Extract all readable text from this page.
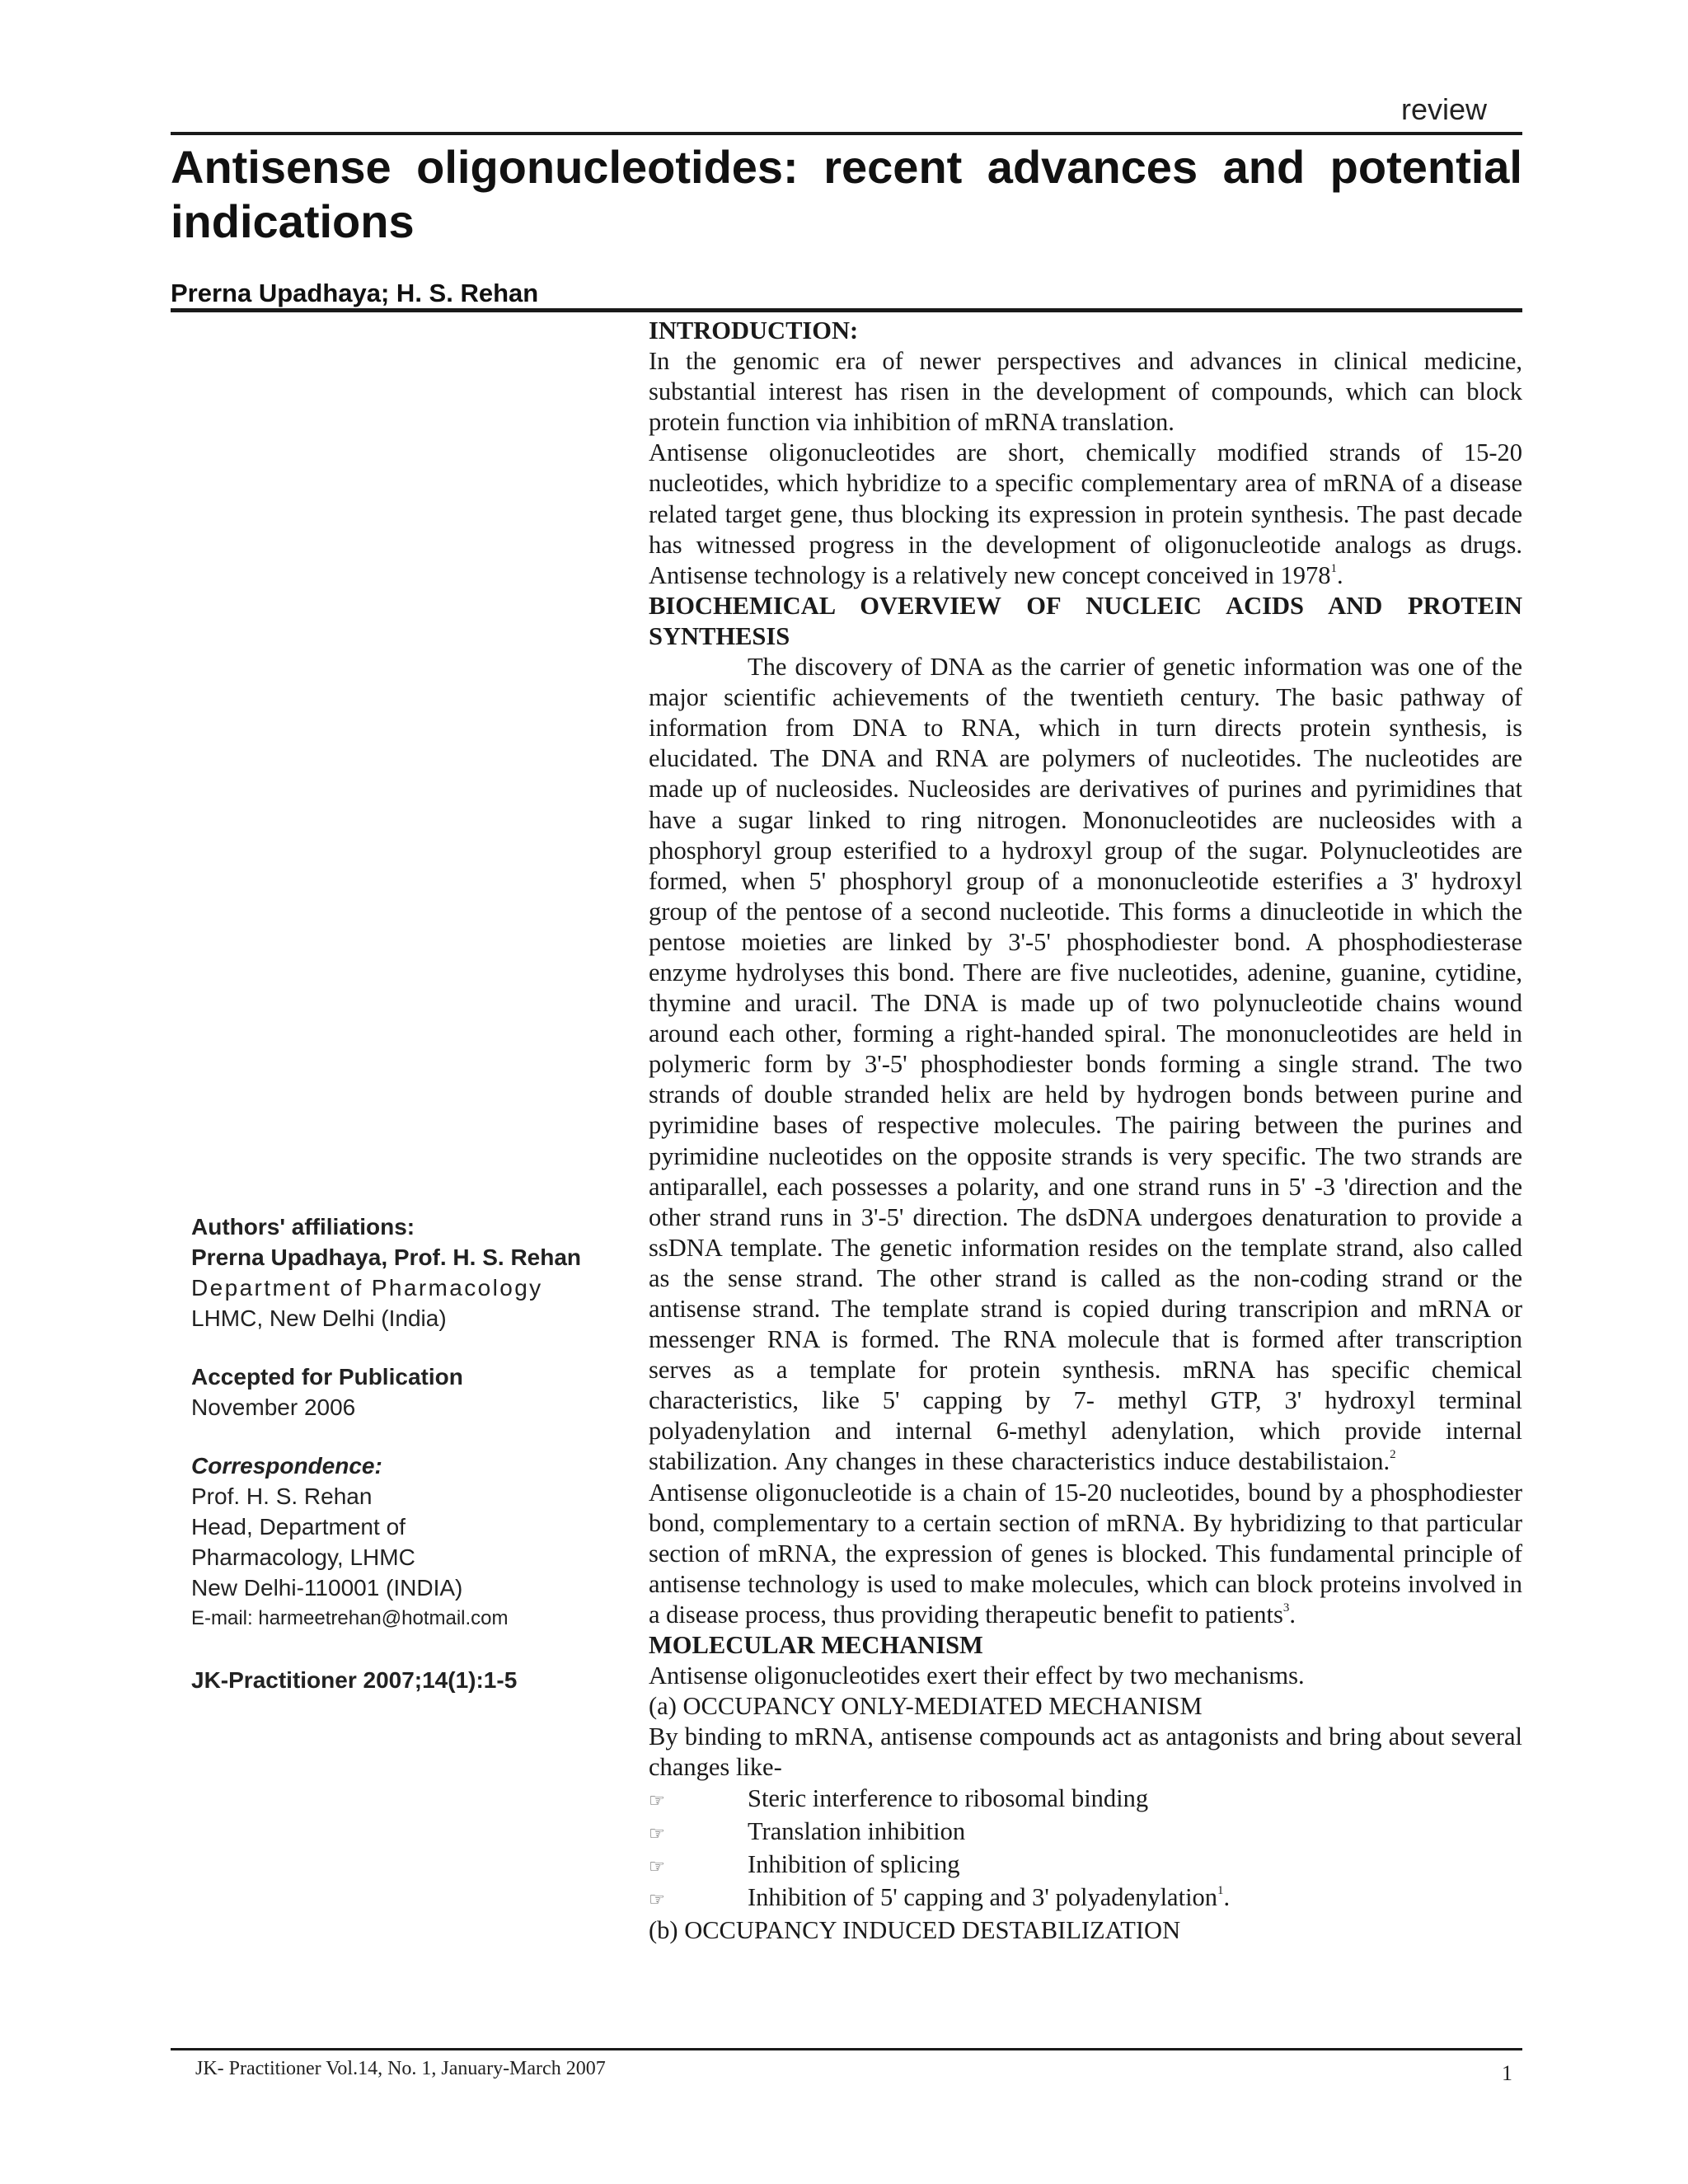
review
Antisense oligonucleotides: recent advances and potential indications
Prerna Upadhaya; H. S. Rehan
Authors' affiliations:
Prerna Upadhaya, Prof. H. S. Rehan
Department of Pharmacology
LHMC, New Delhi (India)
Accepted for Publication
November 2006
Correspondence:
Prof. H. S. Rehan
Head, Department of
Pharmacology, LHMC
New Delhi-110001 (INDIA)
E-mail: harmeetrehan@hotmail.com
JK-Practitioner 2007;14(1):1-5
INTRODUCTION:

In the genomic era of newer perspectives and advances in clinical medicine, substantial interest has risen in the development of compounds, which can block protein function via inhibition of mRNA translation.

Antisense oligonucleotides are short, chemically modified strands of 15-20 nucleotides, which hybridize to a specific complementary area of mRNA of a disease related target gene, thus blocking its expression in protein synthesis. The past decade has witnessed progress in the development of oligonucleotide analogs as drugs. Antisense technology is a relatively new concept conceived in 1978$^1$.

BIOCHEMICAL OVERVIEW OF NUCLEIC ACIDS AND PROTEIN SYNTHESIS

The discovery of DNA as the carrier of genetic information was one of the major scientific achievements of the twentieth century. The basic pathway of information from DNA to RNA, which in turn directs protein synthesis, is elucidated. The DNA and RNA are polymers of nucleotides. The nucleotides are made up of nucleosides. Nucleosides are derivatives of purines and pyrimidines that have a sugar linked to ring nitrogen. Mononucleotides are nucleosides with a phosphoryl group esterified to a hydroxyl group of the sugar. Polynucleotides are formed, when 5' phosphoryl group of a mononucleotide esterifies a 3' hydroxyl group of the pentose of a second nucleotide. This forms a dinucleotide in which the pentose moieties are linked by 3'-5' phosphodiester bond. A phosphodiesterase enzyme hydrolyses this bond. There are five nucleotides, adenine, guanine, cytidine, thymine and uracil. The DNA is made up of two polynucleotide chains wound around each other, forming a right-handed spiral. The mononucleotides are held in polymeric form by 3'-5' phosphodiester bonds forming a single strand. The two strands of double stranded helix are held by hydrogen bonds between purine and pyrimidine bases of respective molecules. The pairing between the purines and pyrimidine nucleotides on the opposite strands is very specific. The two strands are antiparallel, each possesses a polarity, and one strand runs in 5' -3 'direction and the other strand runs in 3'-5' direction. The dsDNA undergoes denaturation to provide a ssDNA template. The genetic information resides on the template strand, also called as the sense strand. The other strand is called as the non-coding strand or the antisense strand. The template strand is copied during transcripion and mRNA or messenger RNA is formed. The RNA molecule that is formed after transcription serves as a template for protein synthesis. mRNA has specific chemical characteristics, like 5' capping by 7- methyl GTP, 3' hydroxyl terminal polyadenylation and internal 6-methyl adenylation, which provide internal stabilization. Any changes in these characteristics induce destabilistaion.$^2$

Antisense oligonucleotide is a chain of 15-20 nucleotides, bound by a phosphodiester bond, complementary to a certain section of mRNA. By hybridizing to that particular section of mRNA, the expression of genes is blocked. This fundamental principle of antisense technology is used to make molecules, which can block proteins involved in a disease process, thus providing therapeutic benefit to patients$^3$.

MOLECULAR MECHANISM

Antisense oligonucleotides exert their effect by two mechanisms.

(a) OCCUPANCY ONLY-MEDIATED MECHANISM

By binding to mRNA, antisense compounds act as antagonists and bring about several changes like-

☞	Steric interference to ribosomal binding
☞	Translation inhibition
☞	Inhibition of splicing
☞	Inhibition of 5' capping and 3' polyadenylation$^1$.

(b) OCCUPANCY INDUCED DESTABILIZATION

JK- Practitioner Vol.14, No. 1, January-March 2007	1
